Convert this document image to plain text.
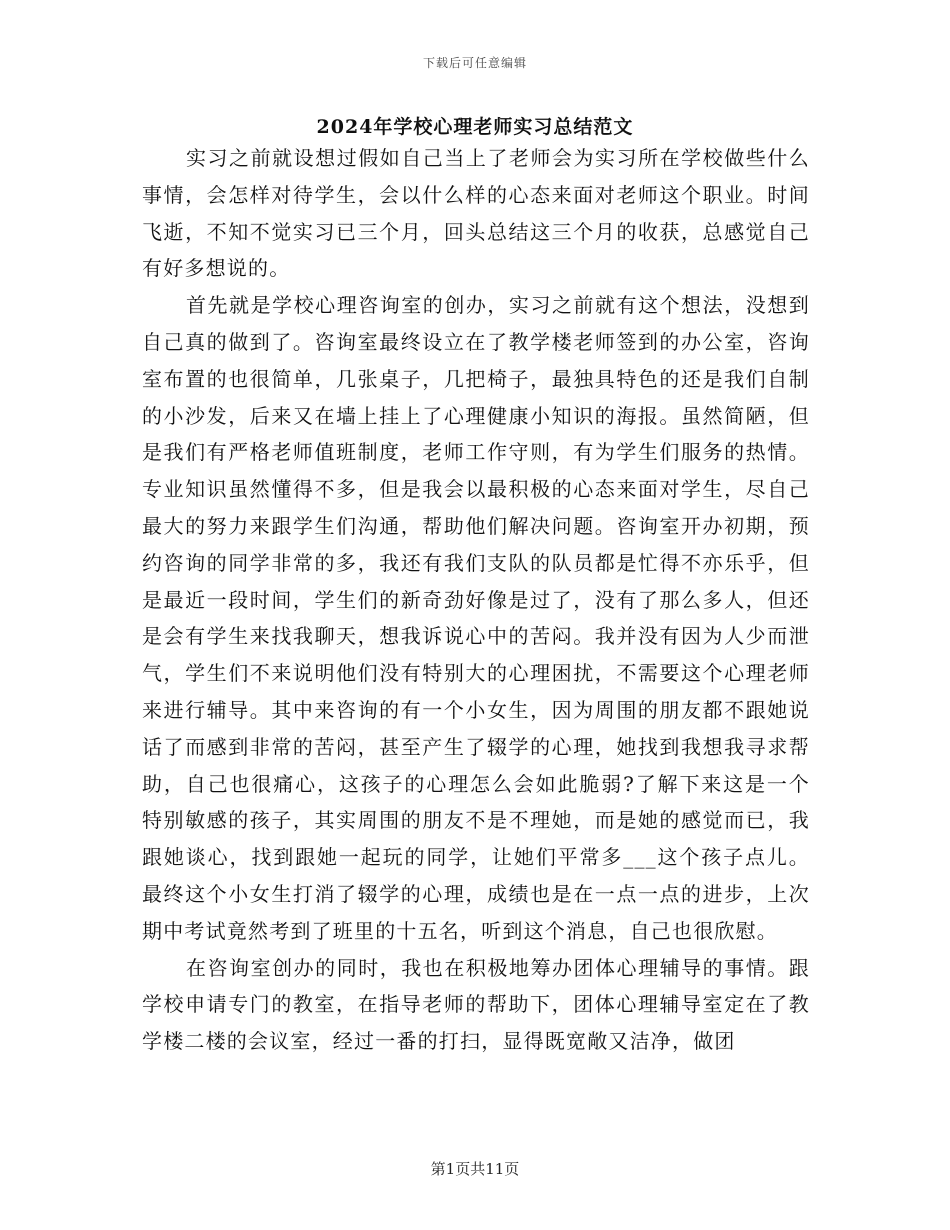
下载后可任意编辑
2024年学校心理老师实习总结范文

实习之前就设想过假如自己当上了老师会为实习所在学校做些什么事情，会怎样对待学生，会以什么样的心态来面对老师这个职业。时间飞逝，不知不觉实习已三个月，回头总结这三个月的收获，总感觉自己有好多想说的。

首先就是学校心理咨询室的创办，实习之前就有这个想法，没想到自己真的做到了。咨询室最终设立在了教学楼老师签到的办公室，咨询室布置的也很简单，几张桌子，几把椅子，最独具特色的还是我们自制的小沙发，后来又在墙上挂上了心理健康小知识的海报。虽然简陋，但是我们有严格老师值班制度，老师工作守则，有为学生们服务的热情。专业知识虽然懂得不多，但是我会以最积极的心态来面对学生，尽自己最大的努力来跟学生们沟通，帮助他们解决问题。咨询室开办初期，预约咨询的同学非常的多，我还有我们支队的队员都是忙得不亦乐乎，但是最近一段时间，学生们的新奇劲好像是过了，没有了那么多人，但还是会有学生来找我聊天，想我诉说心中的苦闷。我并没有因为人少而泄气，学生们不来说明他们没有特别大的心理困扰，不需要这个心理老师来进行辅导。其中来咨询的有一个小女生，因为周围的朋友都不跟她说话了而感到非常的苦闷，甚至产生了辍学的心理，她找到我想我寻求帮助，自己也很痛心，这孩子的心理怎么会如此脆弱?了解下来这是一个特别敏感的孩子，其实周围的朋友不是不理她，而是她的感觉而已，我跟她谈心，找到跟她一起玩的同学，让她们平常多___这个孩子点儿。最终这个小女生打消了辍学的心理，成绩也是在一点一点的进步，上次期中考试竟然考到了班里的十五名，听到这个消息，自己也很欣慰。

在咨询室创办的同时，我也在积极地筹办团体心理辅导的事情。跟学校申请专门的教室，在指导老师的帮助下，团体心理辅导室定在了教学楼二楼的会议室，经过一番的打扫，显得既宽敞又洁净，做团

第1页共11页
